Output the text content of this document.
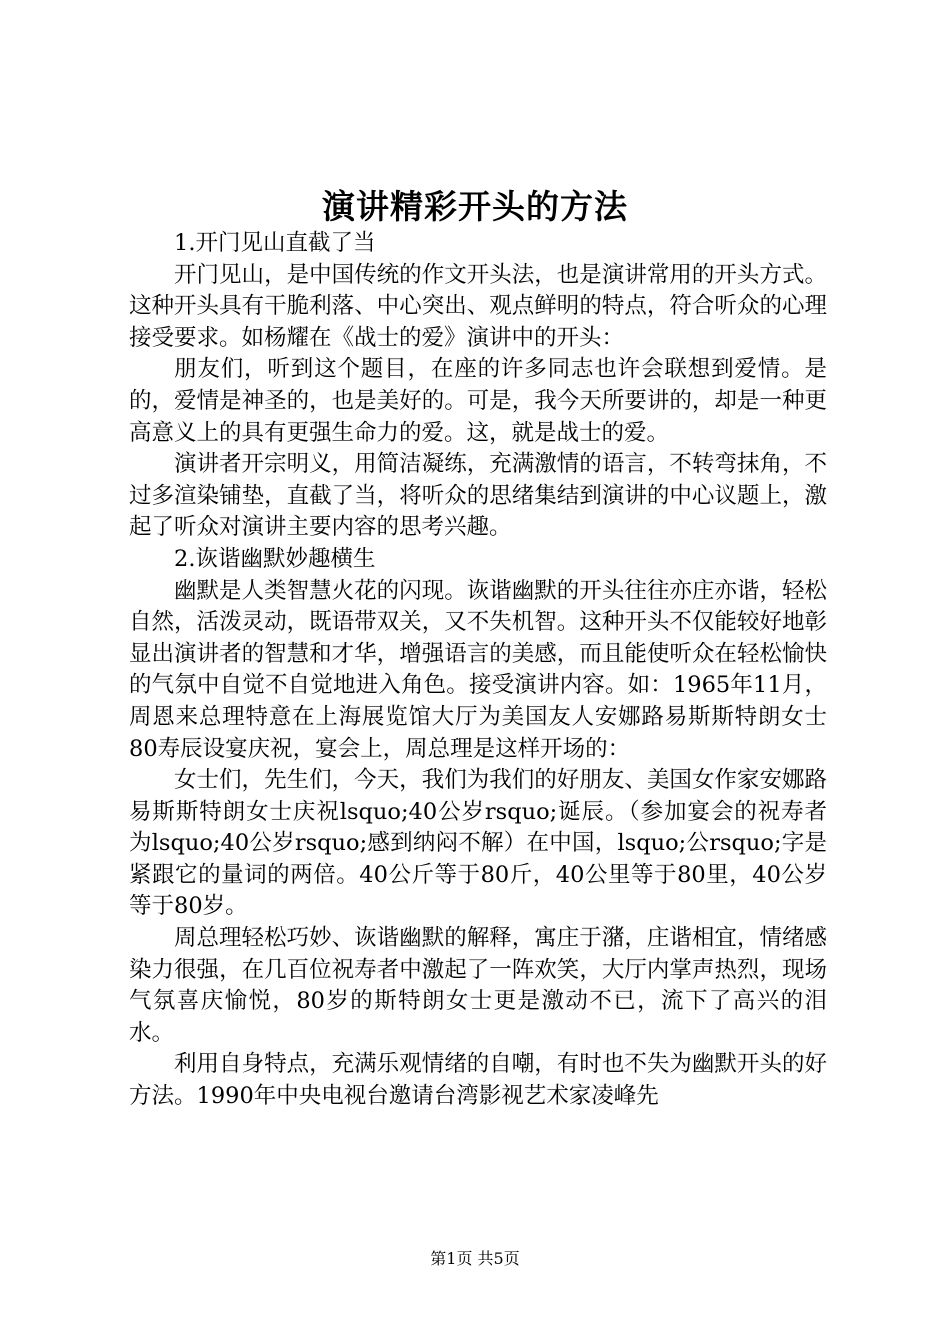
演讲精彩开头的方法

1.开门见山直截了当

开门见山，是中国传统的作文开头法，也是演讲常用的开头方式。这种开头具有干脆利落、中心突出、观点鲜明的特点，符合听众的心理接受要求。如杨耀在《战士的爱》演讲中的开头：

朋友们，听到这个题目，在座的许多同志也许会联想到爱情。是的，爱情是神圣的，也是美好的。可是，我今天所要讲的，却是一种更高意义上的具有更强生命力的爱。这，就是战士的爱。

演讲者开宗明义，用简洁凝练，充满激情的语言，不转弯抹角，不过多渲染铺垫，直截了当，将听众的思绪集结到演讲的中心议题上，激起了听众对演讲主要内容的思考兴趣。

2.诙谐幽默妙趣横生

幽默是人类智慧火花的闪现。诙谐幽默的开头往往亦庄亦谐，轻松自然，活泼灵动，既语带双关，又不失机智。这种开头不仅能较好地彰显出演讲者的智慧和才华，增强语言的美感，而且能使听众在轻松愉快的气氛中自觉不自觉地进入角色。接受演讲内容。如：1965年11月，周恩来总理特意在上海展览馆大厅为美国友人安娜路易斯斯特朗女士80寿辰设宴庆祝，宴会上，周总理是这样开场的：

女士们，先生们，今天，我们为我们的好朋友、美国女作家安娜路易斯斯特朗女士庆祝lsquo;40公岁rsquo;诞辰。（参加宴会的祝寿者为lsquo;40公岁rsquo;感到纳闷不解）在中国，lsquo;公rsquo;字是紧跟它的量词的两倍。40公斤等于80斤，40公里等于80里，40公岁等于80岁。

周总理轻松巧妙、诙谐幽默的解释，寓庄于潴，庄谐相宜，情绪感染力很强，在几百位祝寿者中激起了一阵欢笑，大厅内掌声热烈，现场气氛喜庆愉悦，80岁的斯特朗女士更是激动不已，流下了高兴的泪水。

利用自身特点，充满乐观情绪的自嘲，有时也不失为幽默开头的好方法。1990年中央电视台邀请台湾影视艺术家凌峰先

第1页 共5页
